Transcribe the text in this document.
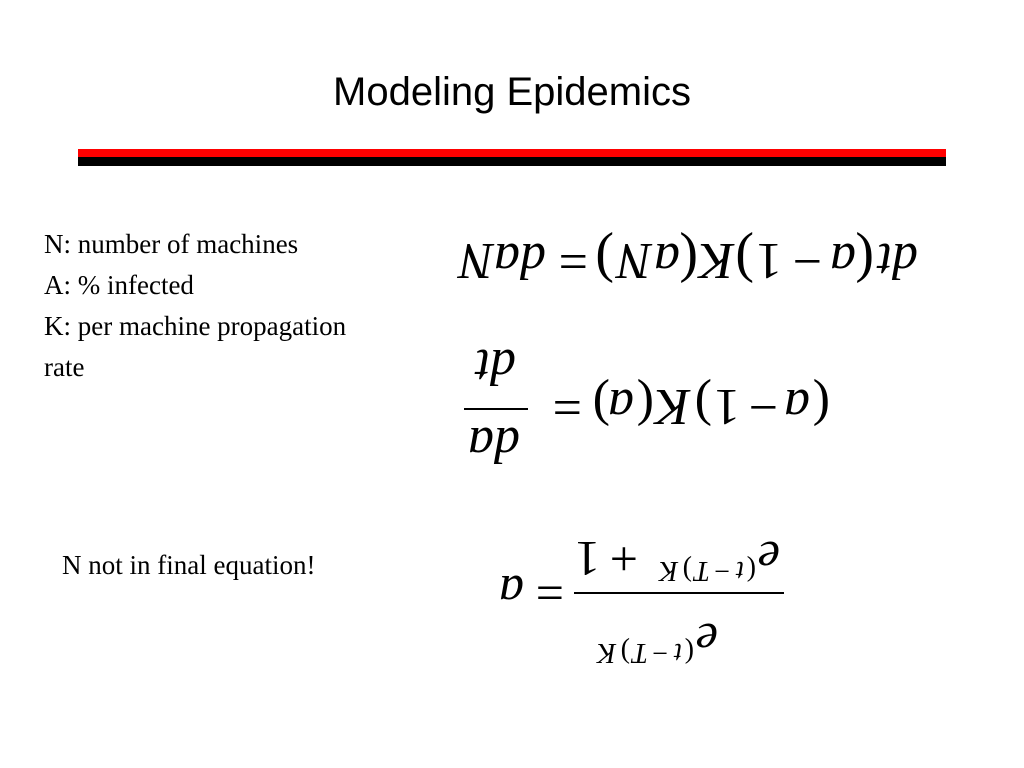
Modeling Epidemics
N: number of machines
A: % infected
K: per machine propagation
rate
N not in final equation!
dt
(
a
−
1
)
K
(
a
N
)
=
da
N
(
a
−
1
)
K
(
a
)
=
da
dt
e
(
t
−
T
)
K
e
(
t
−
T
)
K
+
1
=
a
